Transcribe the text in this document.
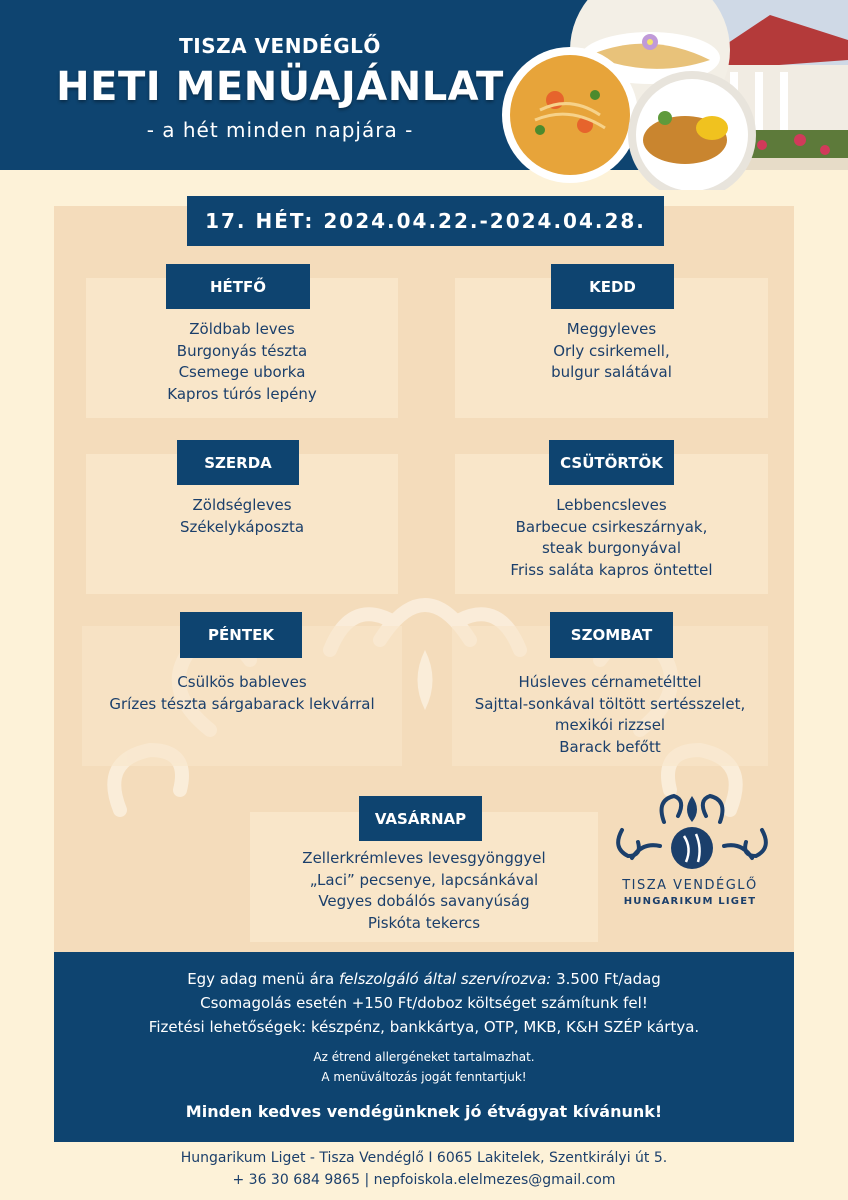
TISZA VENDÉGLŐ
HETI MENÜAJÁNLAT
- a hét minden napjára -
17. HÉT: 2024.04.22.-2024.04.28.
HÉTFŐ
Zöldbab leves
Burgonyás tészta
Csemege uborka
Kapros túrós lepény
KEDD
Meggyleves
Orly csirkemell,
bulgur salátával
SZERDA
Zöldségleves
Székelykáposzta
CSÜTÖRTÖK
Lebbencsleves
Barbecue csirkeszárnyak,
steak burgonyával
Friss saláta kapros öntettel
PÉNTEK
Csülkös bableves
Grízes tészta sárgabarack lekvárral
SZOMBAT
Húsleves cérnametélttel
Sajttal-sonkával töltött sertésszelet,
mexikói rizzsel
Barack befőtt
VASÁRNAP
Zellerkrémleves levesgyönggyel
„Laci” pecsenye, lapcsánkával
Vegyes dobálós savanyúság
Piskóta tekercs
TISZA VENDÉGLŐ
HUNGARIKUM LIGET
Egy adag menü ára felszolgáló által szervírozva: 3.500 Ft/adag
Csomagolás esetén +150 Ft/doboz költséget számítunk fel!
Fizetési lehetőségek: készpénz, bankkártya, OTP, MKB, K&H SZÉP kártya.
Az étrend allergéneket tartalmazhat.
A menüváltozás jogát fenntartjuk!
Minden kedves vendégünknek jó étvágyat kívánunk!
Hungarikum Liget - Tisza Vendéglő I 6065 Lakitelek, Szentkirályi út 5.
+ 36 30 684 9865 | nepfoiskola.elelmezes@gmail.com
